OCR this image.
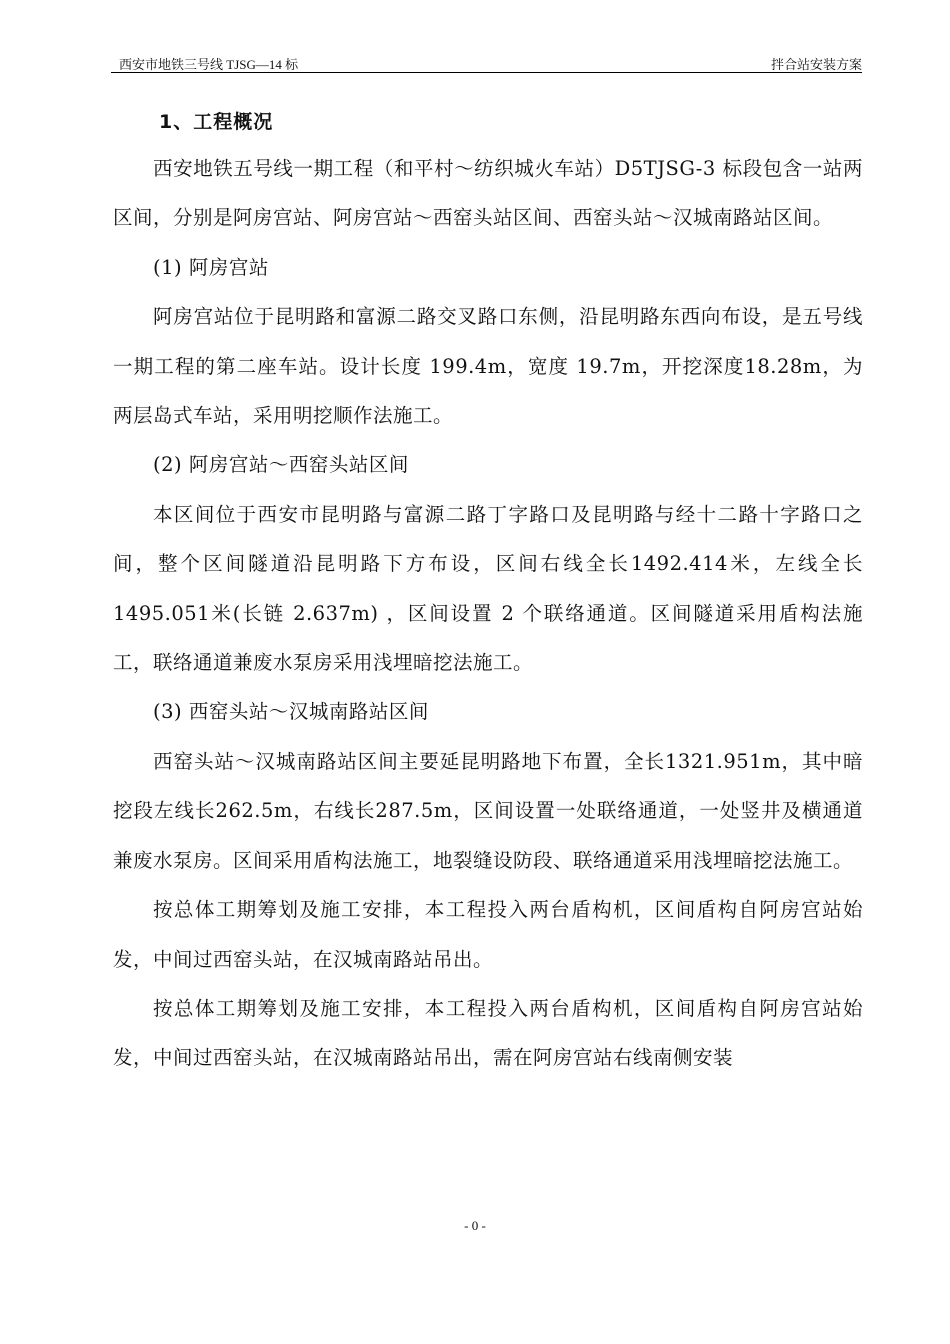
西安市地铁三号线 TJSG—14 标	拌合站安装方案
1、工程概况

西安地铁五号线一期工程（和平村～纺织城火车站）D5TJSG-3 标段包含一站两区间，分别是阿房宫站、阿房宫站～西窑头站区间、西窑头站～汉城南路站区间。

(1) 阿房宫站

阿房宫站位于昆明路和富源二路交叉路口东侧，沿昆明路东西向布设，是五号线一期工程的第二座车站。设计长度 199.4m，宽度 19.7m，开挖深度18.28m，为两层岛式车站，采用明挖顺作法施工。

(2) 阿房宫站～西窑头站区间

本区间位于西安市昆明路与富源二路丁字路口及昆明路与经十二路十字路口之间，整个区间隧道沿昆明路下方布设，区间右线全长1492.414米，左线全长 1495.051米(长链 2.637m) ，区间设置 2 个联络通道。区间隧道采用盾构法施工，联络通道兼废水泵房采用浅埋暗挖法施工。

(3) 西窑头站～汉城南路站区间

西窑头站～汉城南路站区间主要延昆明路地下布置，全长1321.951m，其中暗挖段左线长262.5m，右线长287.5m，区间设置一处联络通道，一处竖井及横通道兼废水泵房。区间采用盾构法施工，地裂缝设防段、联络通道采用浅埋暗挖法施工。

按总体工期筹划及施工安排，本工程投入两台盾构机，区间盾构自阿房宫站始发，中间过西窑头站，在汉城南路站吊出。

按总体工期筹划及施工安排，本工程投入两台盾构机，区间盾构自阿房宫站始发，中间过西窑头站，在汉城南路站吊出，需在阿房宫站右线南侧安装

- 0 -
